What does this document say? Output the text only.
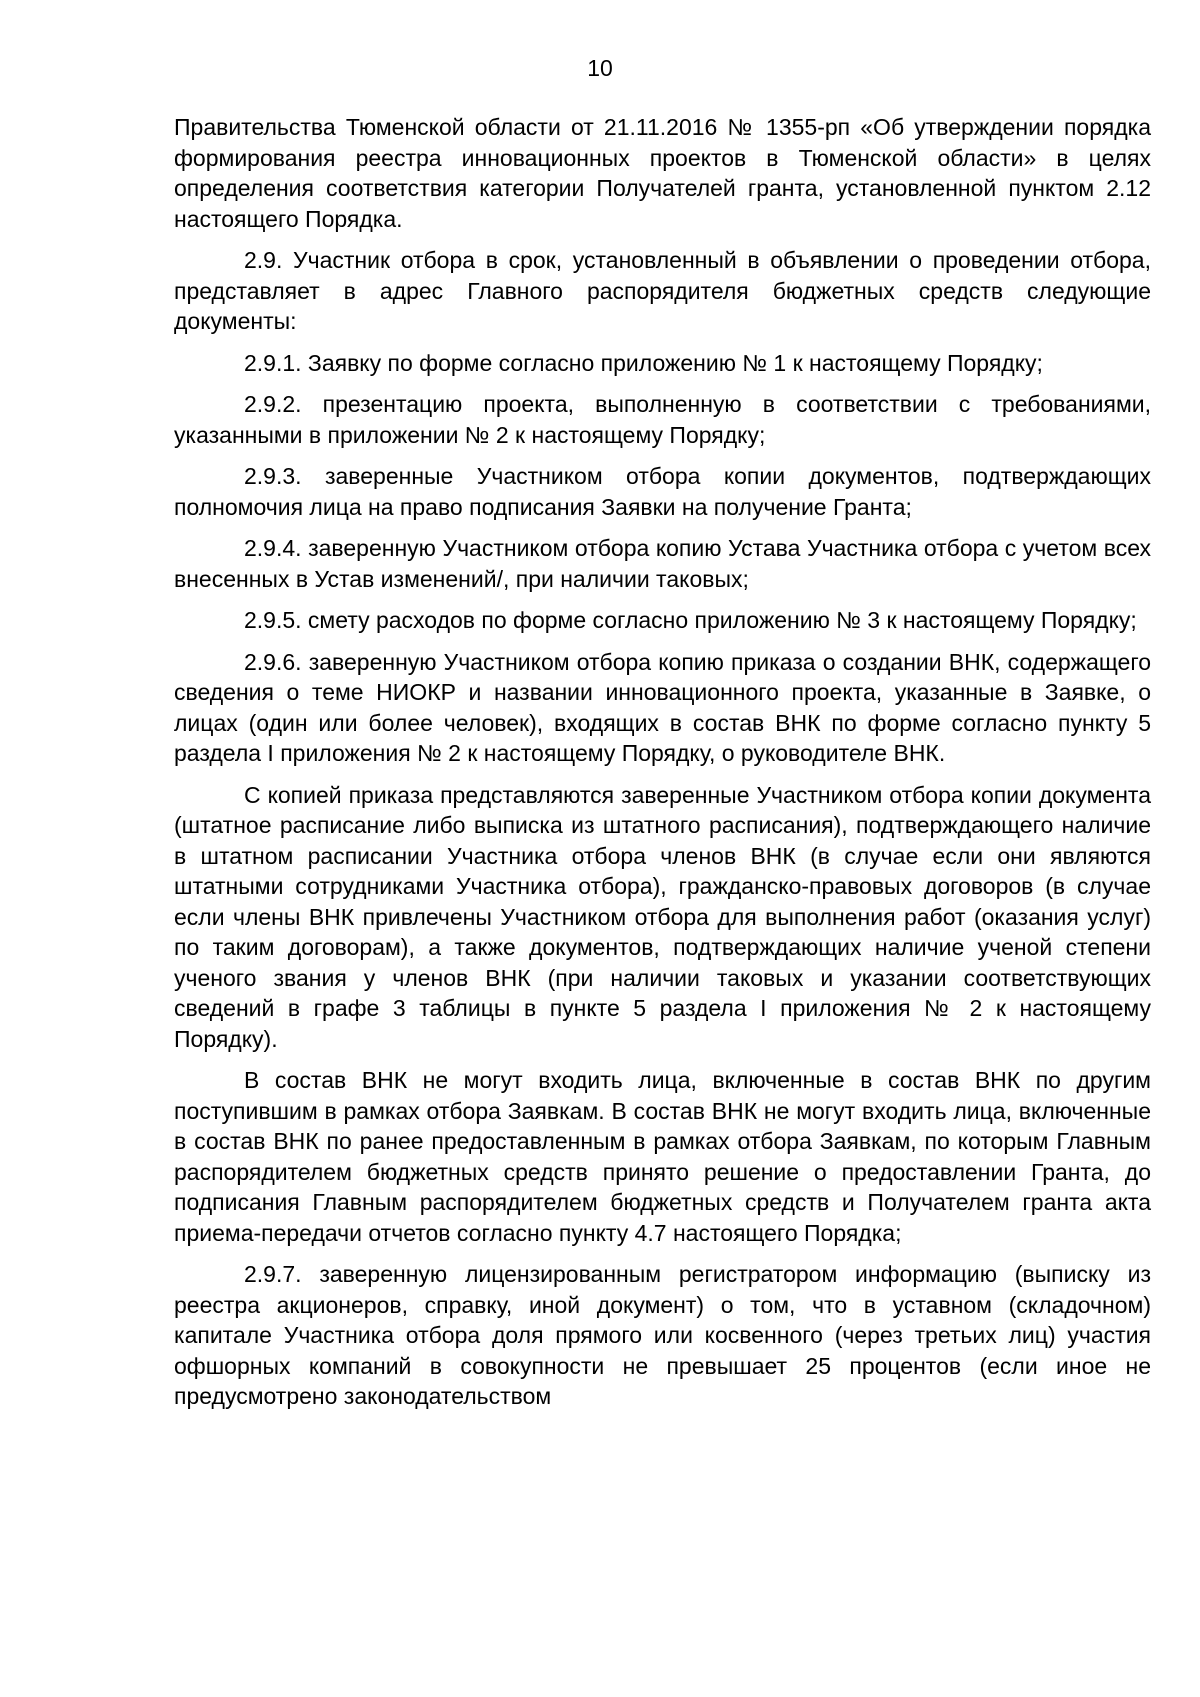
10

Правительства Тюменской области от 21.11.2016 № 1355-рп «Об утверждении порядка формирования реестра инновационных проектов в Тюменской области» в целях определения соответствия категории Получателей гранта, установленной пунктом 2.12 настоящего Порядка.

2.9. Участник отбора в срок, установленный в объявлении о проведении отбора, представляет в адрес Главного распорядителя бюджетных средств следующие документы:

2.9.1. Заявку по форме согласно приложению № 1 к настоящему Порядку;

2.9.2. презентацию проекта, выполненную в соответствии с требованиями, указанными в приложении № 2 к настоящему Порядку;

2.9.3. заверенные Участником отбора копии документов, подтверждающих полномочия лица на право подписания Заявки на получение Гранта;

2.9.4. заверенную Участником отбора копию Устава Участника отбора с учетом всех внесенных в Устав изменений/, при наличии таковых;

2.9.5. смету расходов по форме согласно приложению № 3 к настоящему Порядку;

2.9.6. заверенную Участником отбора копию приказа о создании ВНК, содержащего сведения о теме НИОКР и названии инновационного проекта, указанные в Заявке, о лицах (один или более человек), входящих в состав ВНК по форме согласно пункту 5 раздела I приложения № 2 к настоящему Порядку, о руководителе ВНК.

С копией приказа представляются заверенные Участником отбора копии документа (штатное расписание либо выписка из штатного расписания), подтверждающего наличие в штатном расписании Участника отбора членов ВНК (в случае если они являются штатными сотрудниками Участника отбора), гражданско-правовых договоров (в случае если члены ВНК привлечены Участником отбора для выполнения работ (оказания услуг) по таким договорам), а также документов, подтверждающих наличие ученой степени ученого звания у членов ВНК (при наличии таковых и указании соответствующих сведений в графе 3 таблицы в пункте 5 раздела I приложения № 2 к настоящему Порядку).

В состав ВНК не могут входить лица, включенные в состав ВНК по другим поступившим в рамках отбора Заявкам. В состав ВНК не могут входить лица, включенные в состав ВНК по ранее предоставленным в рамках отбора Заявкам, по которым Главным распорядителем бюджетных средств принято решение о предоставлении Гранта, до подписания Главным распорядителем бюджетных средств и Получателем гранта акта приема-передачи отчетов согласно пункту 4.7 настоящего Порядка;

2.9.7. заверенную лицензированным регистратором информацию (выписку из реестра акционеров, справку, иной документ) о том, что в уставном (складочном) капитале Участника отбора доля прямого или косвенного (через третьих лиц) участия офшорных компаний в совокупности не превышает 25 процентов (если иное не предусмотрено законодательством
